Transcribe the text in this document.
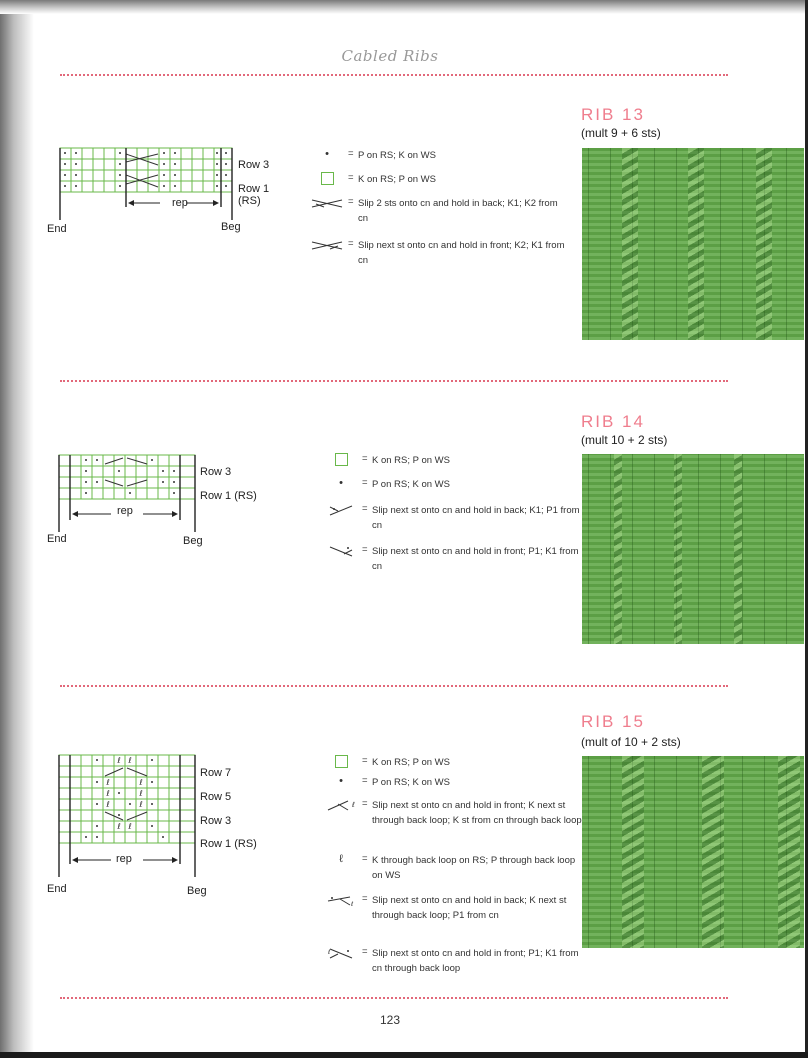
Cabled Ribs
RIB 13
(mult 9 + 6 sts)
rep
Row 3
Row 1
(RS)
End	Beg
•	= P on RS; K on WS
= K on RS; P on WS
= Slip 2 sts onto cn and hold in back; K1; K2 from cn
= Slip next st onto cn and hold in front; K2; K1 from cn
RIB 14
(mult 10 + 2 sts)
rep
Row 3
Row 1 (RS)
End	Beg
= K on RS; P on WS
•	= P on RS; K on WS
= Slip next st onto cn and hold in back; K1; P1 from cn
= Slip next st onto cn and hold in front; P1; K1 from cn
RIB 15
(mult of 10 + 2 sts)
ℓ ℓ
ℓ	ℓ
ℓ	ℓ
ℓ	ℓ
ℓ ℓ
rep
Row 7
Row 5
Row 3
Row 1 (RS)
End	Beg
= K on RS; P on WS
•	= P on RS; K on WS
ℓ = Slip next st onto cn and hold in front; K next st through back loop; K st from cn through back loop
ℓ	= K through back loop on RS; P through back loop on WS
ℓ
= Slip next st onto cn and hold in back; K next st through back loop; P1 from cn
ℓ	= Slip next st onto cn and hold in front; P1; K1 from cn through back loop
123
